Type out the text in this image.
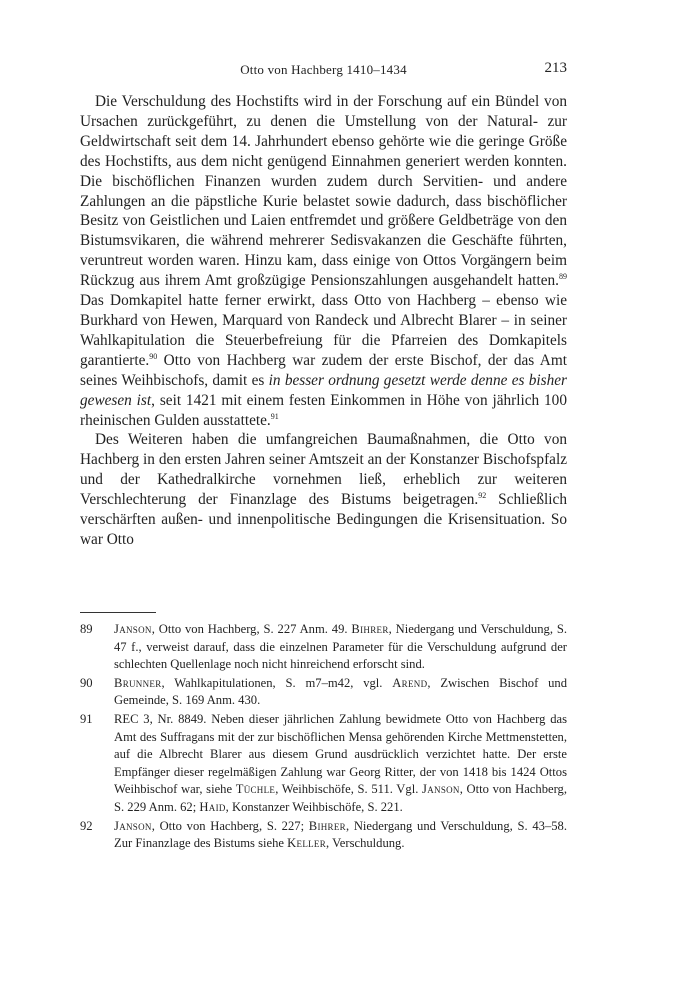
Otto von Hachberg 1410–1434	213

Die Verschuldung des Hochstifts wird in der Forschung auf ein Bündel von Ursachen zurückgeführt, zu denen die Umstellung von der Natural- zur Geldwirtschaft seit dem 14. Jahrhundert ebenso gehörte wie die geringe Größe des Hochstifts, aus dem nicht genügend Einnahmen generiert werden konnten. Die bischöflichen Finanzen wurden zudem durch Servitien- und andere Zahlungen an die päpstliche Kurie belastet sowie dadurch, dass bischöflicher Besitz von Geistlichen und Laien entfremdet und größere Geldbeträge von den Bistumsvikaren, die während mehrerer Sedisvakanzen die Geschäfte führten, veruntreut worden waren. Hinzu kam, dass einige von Ottos Vorgängern beim Rückzug aus ihrem Amt großzügige Pensionszahlungen ausgehandelt hatten.$^{89}$ Das Domkapitel hatte ferner erwirkt, dass Otto von Hachberg – ebenso wie Burkhard von Hewen, Marquard von Randeck und Albrecht Blarer – in seiner Wahlkapitulation die Steuerbefreiung für die Pfarreien des Domkapitels garantierte.$^{90}$ Otto von Hachberg war zudem der erste Bischof, der das Amt seines Weihbischofs, damit es in besser ordnung gesetzt werde denne es bisher gewesen ist, seit 1421 mit einem festen Einkommen in Höhe von jährlich 100 rheinischen Gulden ausstattete.$^{91}$

Des Weiteren haben die umfangreichen Baumaßnahmen, die Otto von Hachberg in den ersten Jahren seiner Amtszeit an der Konstanzer Bischofspfalz und der Kathedralkirche vornehmen ließ, erheblich zur weiteren Verschlechterung der Finanzlage des Bistums beigetragen.$^{92}$ Schließlich verschärften außen- und innenpolitische Bedingungen die Krisensituation. So war Otto

89 Janson, Otto von Hachberg, S. 227 Anm. 49. Bihrer, Niedergang und Verschuldung, S. 47 f., verweist darauf, dass die einzelnen Parameter für die Verschuldung aufgrund der schlechten Quellenlage noch nicht hinreichend erforscht sind.

90 Brunner, Wahlkapitulationen, S. m7–m42, vgl. Arend, Zwischen Bischof und Gemeinde, S. 169 Anm. 430.

91 REC 3, Nr. 8849. Neben dieser jährlichen Zahlung bewidmete Otto von Hachberg das Amt des Suffragans mit der zur bischöflichen Mensa gehörenden Kirche Mettmenstetten, auf die Albrecht Blarer aus diesem Grund ausdrücklich verzichtet hatte. Der erste Empfänger dieser regelmäßigen Zahlung war Georg Ritter, der von 1418 bis 1424 Ottos Weihbischof war, siehe Tüchle, Weihbischöfe, S. 511. Vgl. Janson, Otto von Hachberg, S. 229 Anm. 62; Haid, Konstanzer Weihbischöfe, S. 221.

92 Janson, Otto von Hachberg, S. 227; Bihrer, Niedergang und Verschuldung, S. 43–58. Zur Finanzlage des Bistums siehe Keller, Verschuldung.
